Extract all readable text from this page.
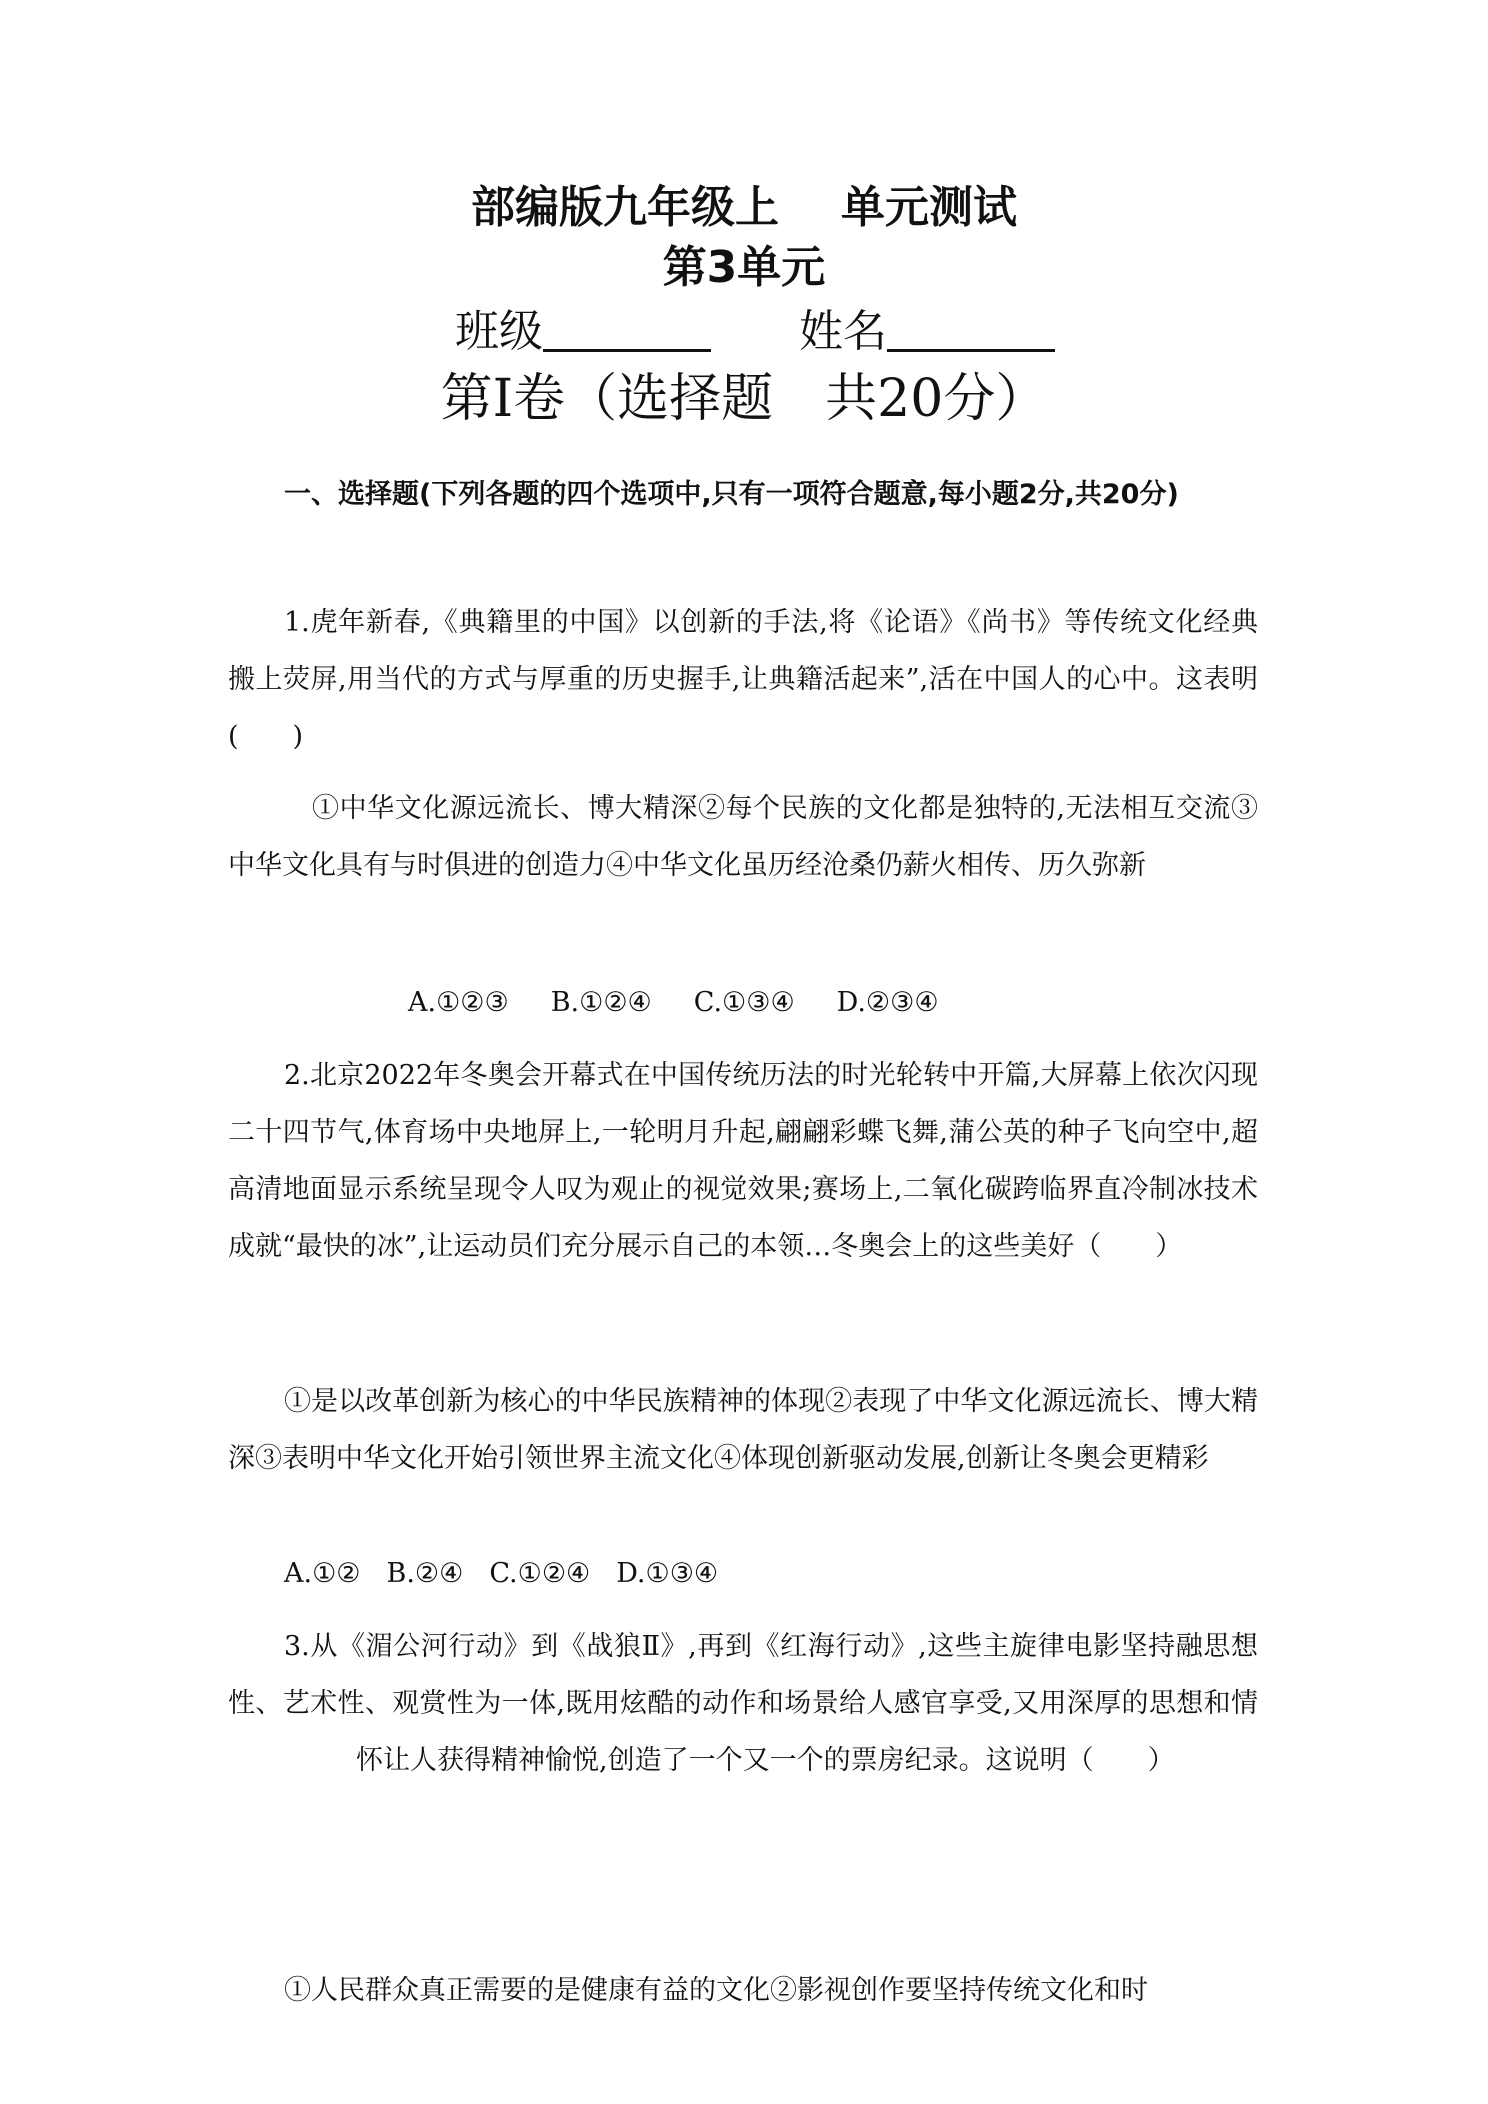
部编版九年级上 单元测试
第3单元
班级	姓名
第Ⅰ卷（选择题　共20分）

一、选择题(下列各题的四个选项中,只有一项符合题意,每小题2分,共20分)

1.虎年新春,《典籍里的中国》以创新的手法,将《论语》《尚书》等传统文化经典搬上荧屏,用当代的方式与厚重的历史握手,让典籍活起来”,活在中国人的心中。这表明(　　)

①中华文化源远流长、博大精深②每个民族的文化都是独特的,无法相互交流③中华文化具有与时俱进的创造力④中华文化虽历经沧桑仍薪火相传、历久弥新

A.①②③ B.①②④ C.①③④ D.②③④

2.北京2022年冬奥会开幕式在中国传统历法的时光轮转中开篇,大屏幕上依次闪现二十四节气,体育场中央地屏上,一轮明月升起,翩翩彩蝶飞舞,蒲公英的种子飞向空中,超高清地面显示系统呈现令人叹为观止的视觉效果;赛场上,二氧化碳跨临界直冷制冰技术成就“最快的冰”,让运动员们充分展示自己的本领…冬奥会上的这些美好（　　）

①是以改革创新为核心的中华民族精神的体现②表现了中华文化源远流长、博大精深③表明中华文化开始引领世界主流文化④体现创新驱动发展,创新让冬奥会更精彩

A.①② B.②④ C.①②④ D.①③④

3.从《湄公河行动》到《战狼Ⅱ》,再到《红海行动》,这些主旋律电影坚持融思想性、艺术性、观赏性为一体,既用炫酷的动作和场景给人感官享受,又用深厚的思想和情怀让人获得精神愉悦,创造了一个又一个的票房纪录。这说明（　　）

①人民群众真正需要的是健康有益的文化②影视创作要坚持传统文化和时
